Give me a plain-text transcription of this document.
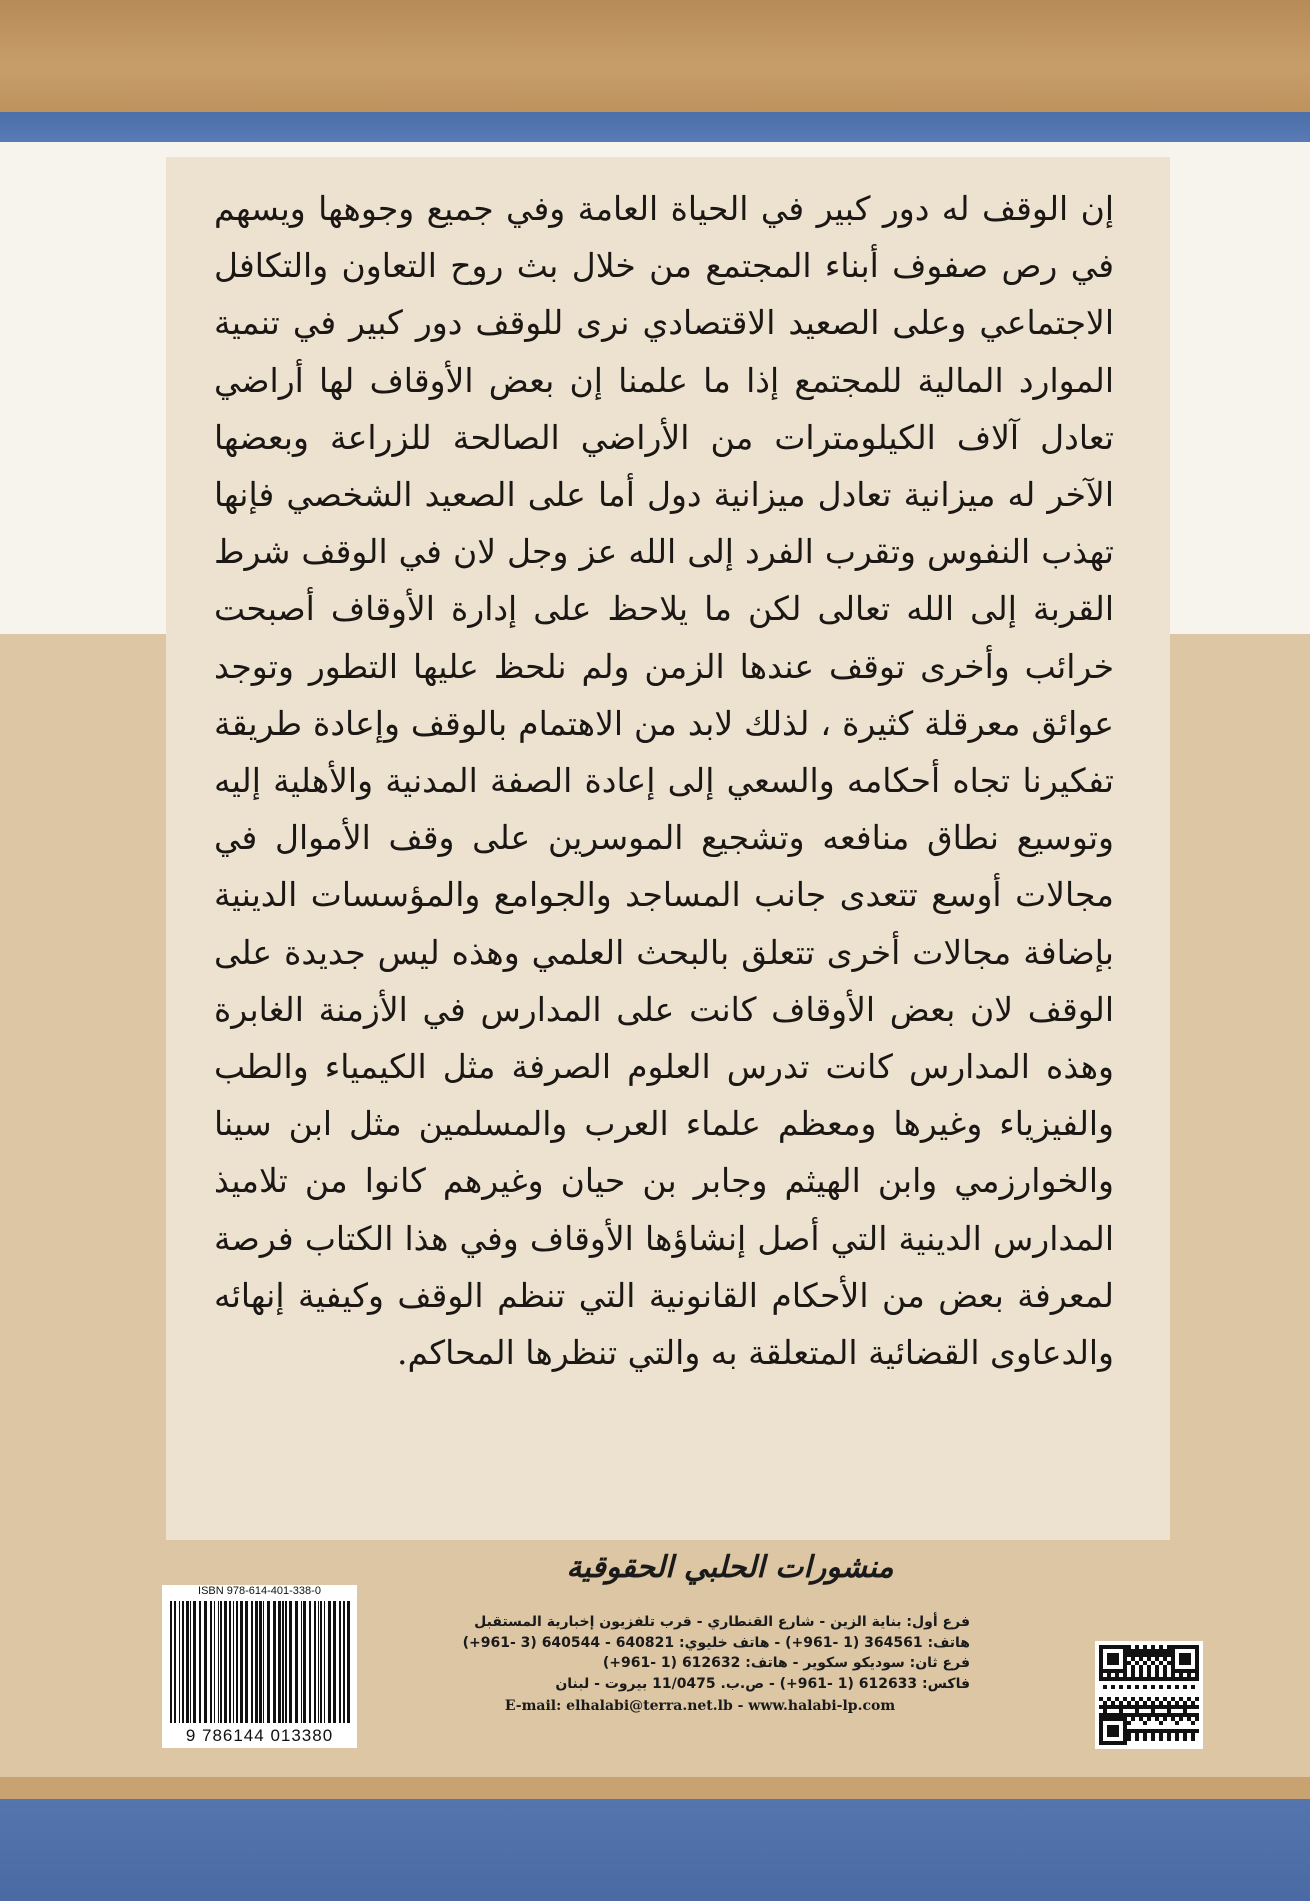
إن الوقف له دور كبير في الحياة العامة وفي جميع وجوهها ويسهم في رص صفوف أبناء المجتمع من خلال بث روح التعاون والتكافل الاجتماعي وعلى الصعيد الاقتصادي نرى للوقف دور كبير في تنمية الموارد المالية للمجتمع إذا ما علمنا إن بعض الأوقاف لها أراضي تعادل آلاف الكيلومترات من الأراضي الصالحة للزراعة وبعضها الآخر له ميزانية تعادل ميزانية دول أما على الصعيد الشخصي فإنها تهذب النفوس وتقرب الفرد إلى الله عز وجل لان في الوقف شرط القربة إلى الله تعالى لكن ما يلاحظ على إدارة الأوقاف أصبحت خرائب وأخرى توقف عندها الزمن ولم نلحظ عليها التطور وتوجد عوائق معرقلة كثيرة ، لذلك لابد من الاهتمام بالوقف وإعادة طريقة تفكيرنا تجاه أحكامه والسعي إلى إعادة الصفة المدنية والأهلية إليه وتوسيع نطاق منافعه وتشجيع الموسرين على وقف الأموال في مجالات أوسع تتعدى جانب المساجد والجوامع والمؤسسات الدينية بإضافة مجالات أخرى تتعلق بالبحث العلمي وهذه ليس جديدة على الوقف لان بعض الأوقاف كانت على المدارس في الأزمنة الغابرة وهذه المدارس كانت تدرس العلوم الصرفة مثل الكيمياء والطب والفيزياء وغيرها ومعظم علماء العرب والمسلمين مثل ابن سينا والخوارزمي وابن الهيثم وجابر بن حيان وغيرهم كانوا من تلاميذ المدارس الدينية التي أصل إنشاؤها الأوقاف وفي هذا الكتاب فرصة لمعرفة بعض من الأحكام القانونية التي تنظم الوقف وكيفية إنهائه والدعاوى القضائية المتعلقة به والتي تنظرها المحاكم.

منشورات الحلبي الحقوقية
ISBN 978-614-401-338-0
9 786144 013380
فرع أول: بناية الزين - شارع القنطاري - قرب تلفزيون إخبارية المستقبل
هاتف: 364561 (1 -961+) - هاتف خليوي: 640821 - 640544 (3 -961+)
فرع ثان: سوديكو سكوير - هاتف: 612632 (1 -961+)
فاكس: 612633 (1 -961+) - ص.ب. 11/0475 بيروت - لبنان
E-mail: elhalabi@terra.net.lb - www.halabi-lp.com
